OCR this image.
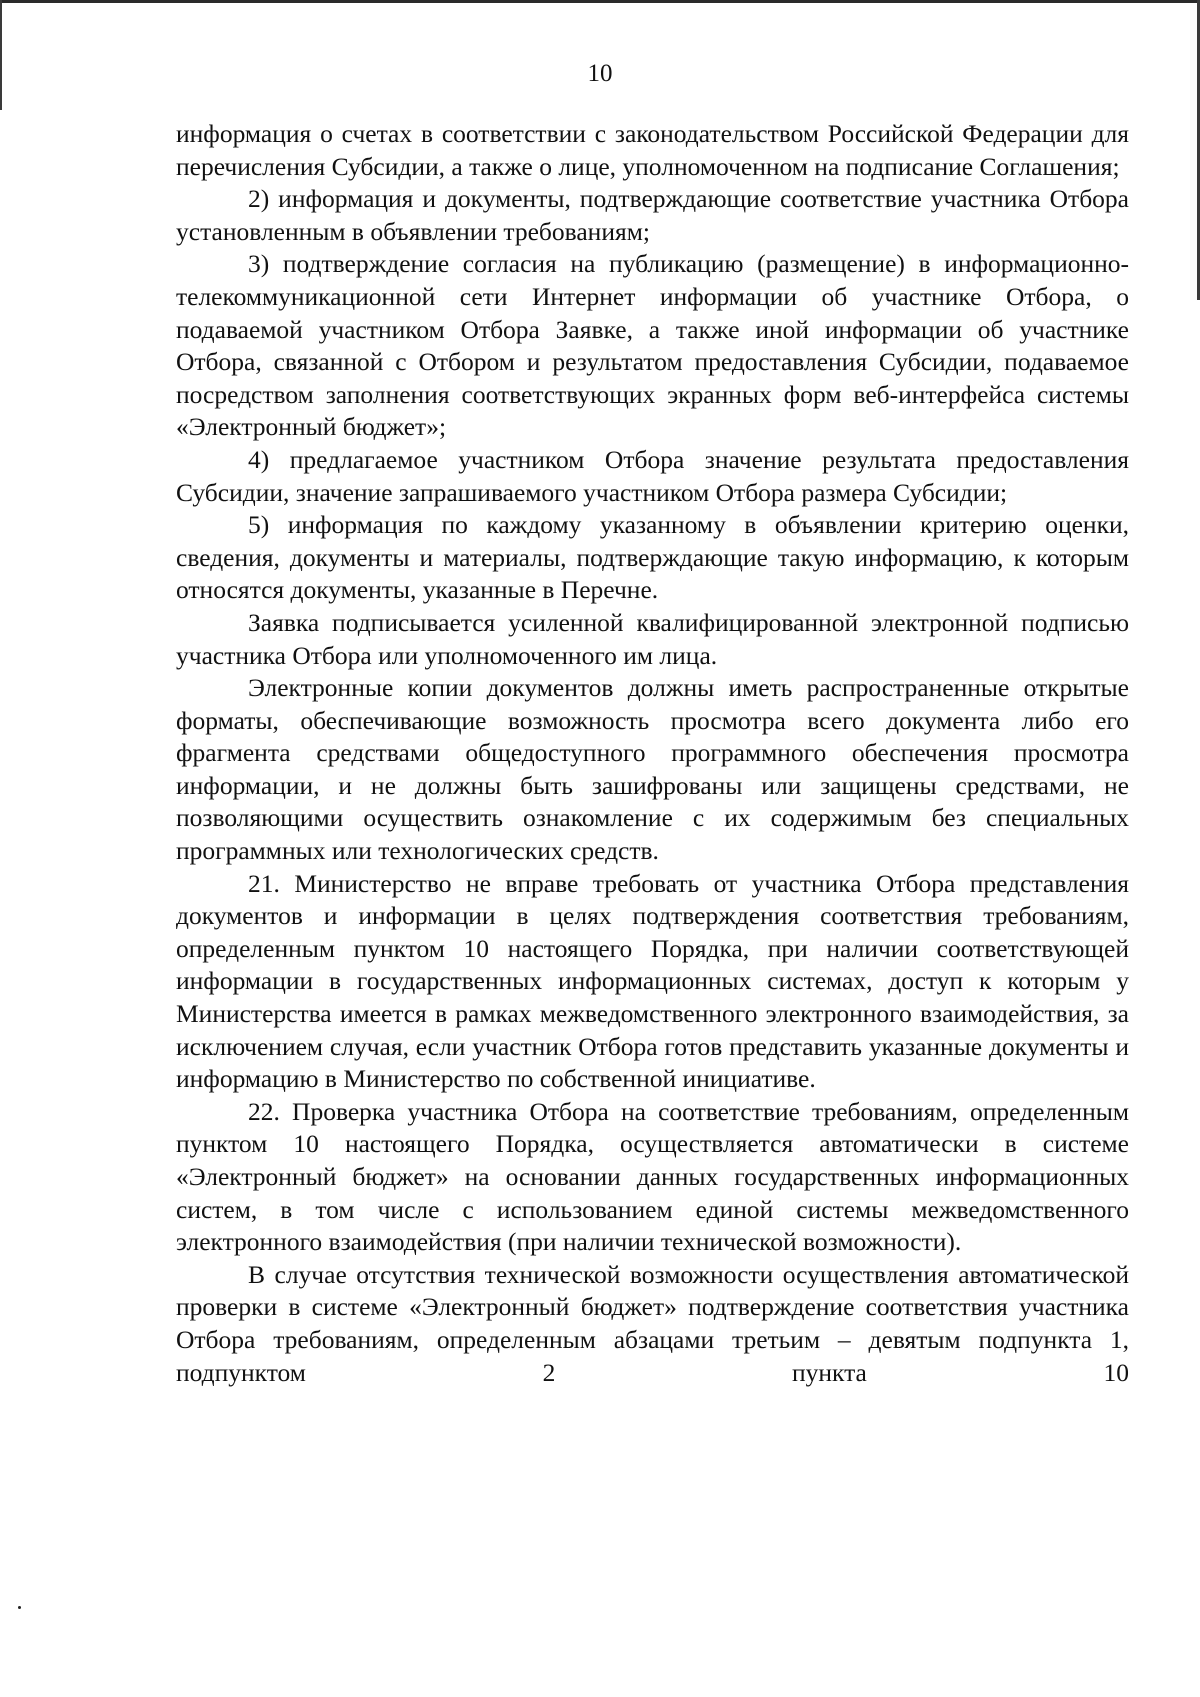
10

информация о счетах в соответствии с законодательством Российской Федерации для перечисления Субсидии, а также о лице, уполномоченном на подписание Соглашения;

2) информация и документы, подтверждающие соответствие участника Отбора установленным в объявлении требованиям;

3) подтверждение согласия на публикацию (размещение) в информационно-телекоммуникационной сети Интернет информации об участнике Отбора, о подаваемой участником Отбора Заявке, а также иной информации об участнике Отбора, связанной с Отбором и результатом предоставления Субсидии, подаваемое посредством заполнения соответствующих экранных форм веб-интерфейса системы «Электронный бюджет»;

4) предлагаемое участником Отбора значение результата предоставления Субсидии, значение запрашиваемого участником Отбора размера Субсидии;

5) информация по каждому указанному в объявлении критерию оценки, сведения, документы и материалы, подтверждающие такую информацию, к которым относятся документы, указанные в Перечне.

Заявка подписывается усиленной квалифицированной электронной подписью участника Отбора или уполномоченного им лица.

Электронные копии документов должны иметь распространенные открытые форматы, обеспечивающие возможность просмотра всего документа либо его фрагмента средствами общедоступного программного обеспечения просмотра информации, и не должны быть зашифрованы или защищены средствами, не позволяющими осуществить ознакомление с их содержимым без специальных программных или технологических средств.

21. Министерство не вправе требовать от участника Отбора представления документов и информации в целях подтверждения соответствия требованиям, определенным пунктом 10 настоящего Порядка, при наличии соответствующей информации в государственных информационных системах, доступ к которым у Министерства имеется в рамках межведомственного электронного взаимодействия, за исключением случая, если участник Отбора готов представить указанные документы и информацию в Министерство по собственной инициативе.

22. Проверка участника Отбора на соответствие требованиям, определенным пунктом 10 настоящего Порядка, осуществляется автоматически в системе «Электронный бюджет» на основании данных государственных информационных систем, в том числе с использованием единой системы межведомственного электронного взаимодействия (при наличии технической возможности).

В случае отсутствия технической возможности осуществления автоматической проверки в системе «Электронный бюджет» подтверждение соответствия участника Отбора требованиям, определенным абзацами третьим – девятым подпункта 1, подпунктом 2 пункта 10
